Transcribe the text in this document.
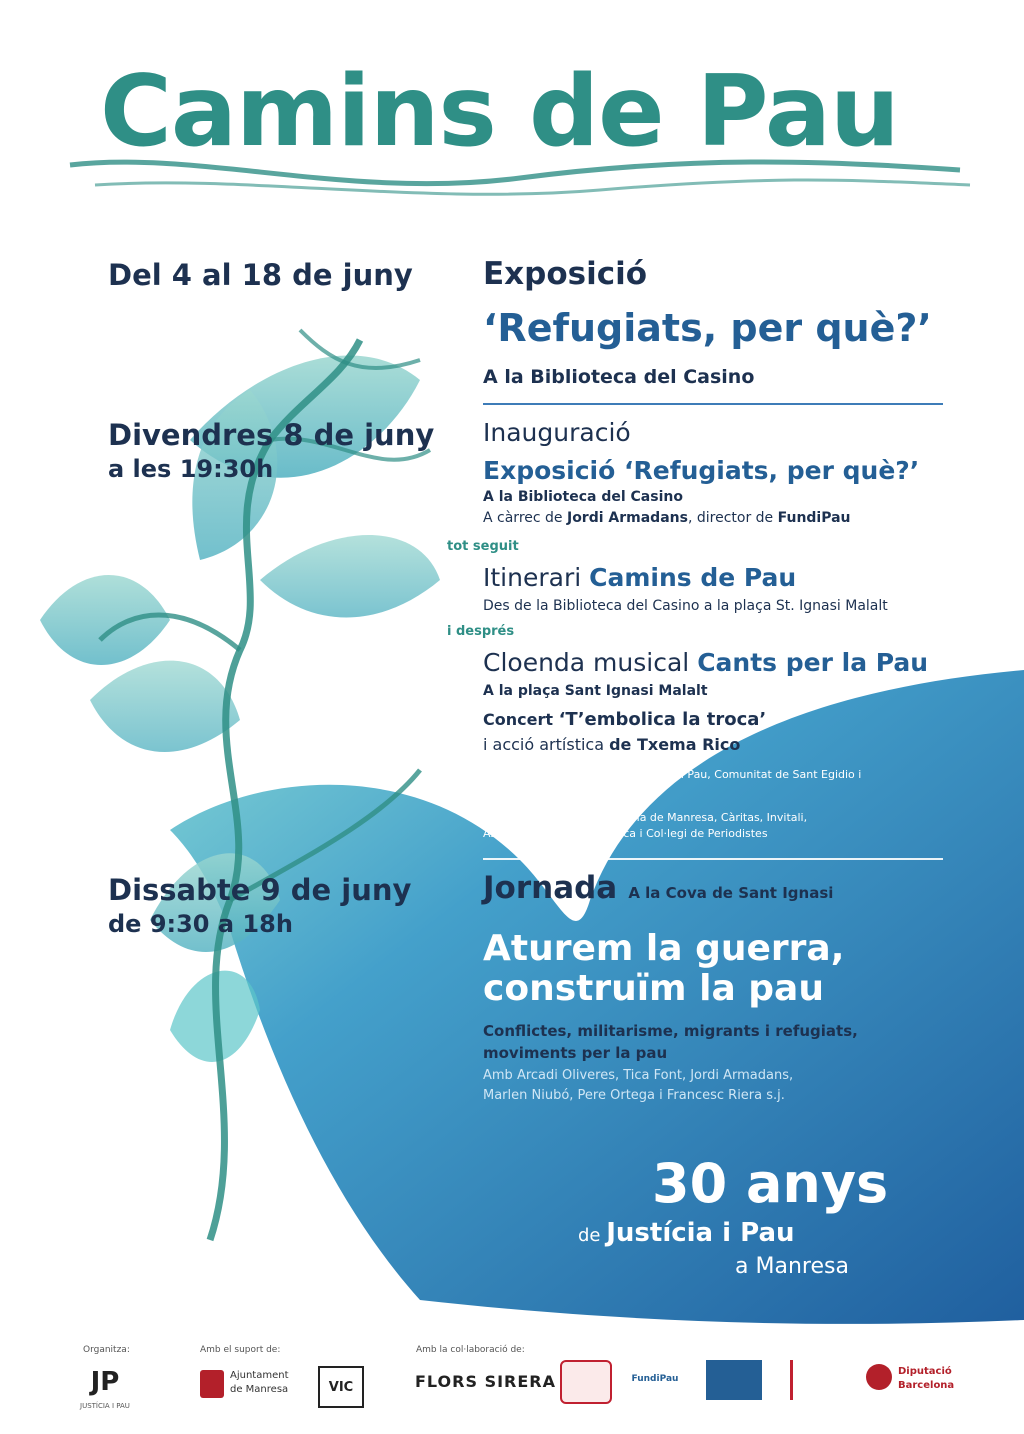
Camins de Pau
Del 4 al 18 de juny Exposició
‘Refugiats, per què?’
A la Biblioteca del Casino
Divendres 8 de juny
a les 19:30h
Inauguració
Exposició ‘Refugiats, per què?’
A la Biblioteca del Casino
A càrrec de Jordi Armadans, director de FundiPau
tot seguit
Itinerari Camins de Pau
Des de la Biblioteca del Casino a la plaça St. Ignasi Malalt
i després
Cloenda musical Cants per la Pau
A la plaça Sant Ignasi Malalt
Concert ‘T’embolica la troca’
i acció artística de Txema Rico
Hi participa: Xavier Melloni, Justícia i Pau, Comunitat de Sant Egidio i
Consell Municipal de Solidaritat
Col·labora: Memòria i Història de Manresa, Càritas, Invitali,
Associació Cultural Islàmica i Col·legi de Periodistes
Dissabte 9 de juny
de 9:30 a 18h
Jornada A la Cova de Sant Ignasi
Aturem la guerra,
construïm la pau
Conflictes, militarisme, migrants i refugiats,
moviments per la pau
Amb Arcadi Oliveres, Tica Font, Jordi Armadans,
Marlen Niubó, Pere Ortega i Francesc Riera s.j.
30 anys
de Justícia i Pau
a Manresa
Organitza:
JP
JUSTÍCIA I PAU
Amb el suport de:
Ajuntament
de Manresa	VIC
Amb la col·laboració de:
FLORS SIRERA	FundiPau
Diputació
Barcelona
